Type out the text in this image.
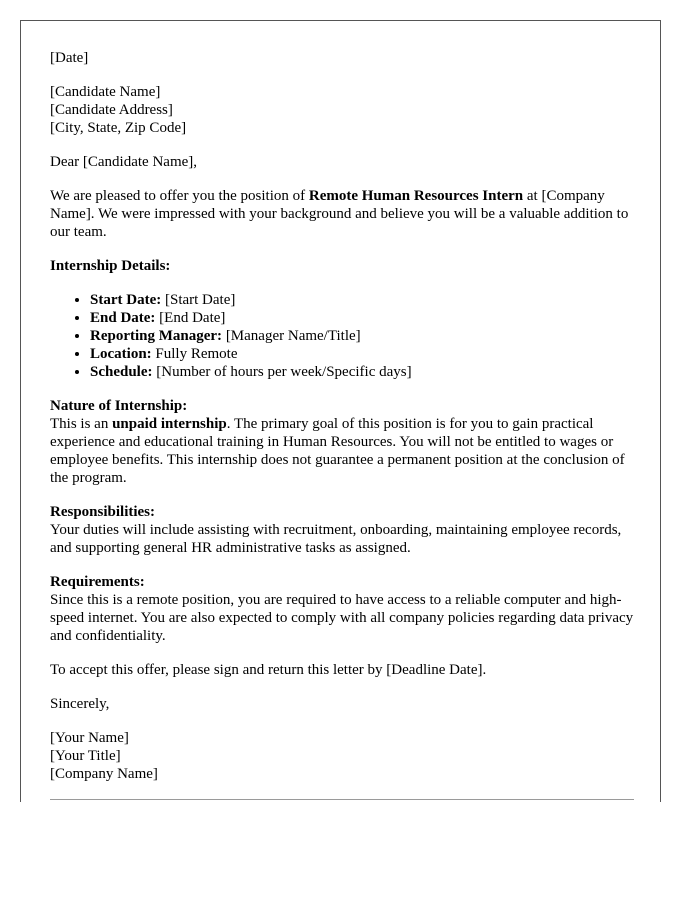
[Date]

[Candidate Name]

[Candidate Address]

[City, State, Zip Code]

Dear [Candidate Name],

We are pleased to offer you the position of Remote Human Resources Intern at [Company Name]. We were impressed with your background and believe you will be a valuable addition to our team.

Internship Details:

• Start Date: [Start Date]
• End Date: [End Date]
• Reporting Manager: [Manager Name/Title]
• Location: Fully Remote
• Schedule: [Number of hours per week/Specific days]

Nature of Internship:

This is an unpaid internship. The primary goal of this position is for you to gain practical experience and educational training in Human Resources. You will not be entitled to wages or employee benefits. This internship does not guarantee a permanent position at the conclusion of the program.

Responsibilities:

Your duties will include assisting with recruitment, onboarding, maintaining employee records, and supporting general HR administrative tasks as assigned.

Requirements:

Since this is a remote position, you are required to have access to a reliable computer and high-speed internet. You are also expected to comply with all company policies regarding data privacy and confidentiality.

To accept this offer, please sign and return this letter by [Deadline Date].

Sincerely,

[Your Name]

[Your Title]

[Company Name]
